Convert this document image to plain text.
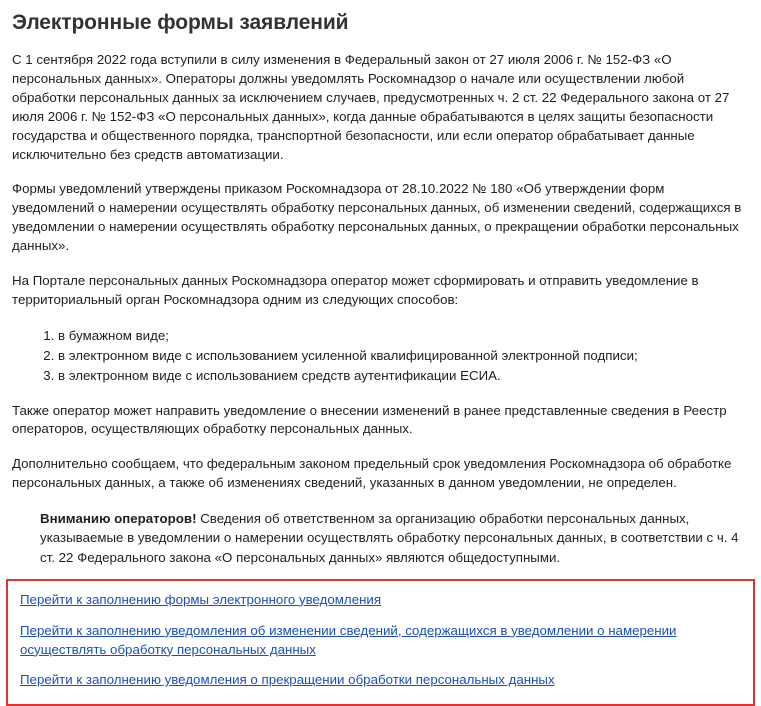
Электронные формы заявлений

С 1 сентября 2022 года вступили в силу изменения в Федеральный закон от 27 июля 2006 г. № 152-ФЗ «О персональных данных». Операторы должны уведомлять Роскомнадзор о начале или осуществлении любой обработки персональных данных за исключением случаев, предусмотренных ч. 2 ст. 22 Федерального закона от 27 июля 2006 г. № 152-ФЗ «О персональных данных», когда данные обрабатываются в целях защиты безопасности государства и общественного порядка, транспортной безопасности, или если оператор обрабатывает данные исключительно без средств автоматизации.

Формы уведомлений утверждены приказом Роскомнадзора от 28.10.2022 № 180 «Об утверждении форм уведомлений о намерении осуществлять обработку персональных данных, об изменении сведений, содержащихся в уведомлении о намерении осуществлять обработку персональных данных, о прекращении обработки персональных данных».

На Портале персональных данных Роскомнадзора оператор может сформировать и отправить уведомление в территориальный орган Роскомнадзора одним из следующих способов:

1. в бумажном виде;
2. в электронном виде с использованием усиленной квалифицированной электронной подписи;
3. в электронном виде с использованием средств аутентификации ЕСИА.

Также оператор может направить уведомление о внесении изменений в ранее представленные сведения в Реестр операторов, осуществляющих обработку персональных данных.

Дополнительно сообщаем, что федеральным законом предельный срок уведомления Роскомнадзора об обработке персональных данных, а также об изменениях сведений, указанных в данном уведомлении, не определен.

Вниманию операторов! Сведения об ответственном за организацию обработки персональных данных, указываемые в уведомлении о намерении осуществлять обработку персональных данных, в соответствии с ч. 4 ст. 22 Федерального закона «О персональных данных» являются общедоступными.
Перейти к заполнению формы электронного уведомления
Перейти к заполнению уведомления об изменении сведений, содержащихся в уведомлении о намерении осуществлять обработку персональных данных
Перейти к заполнению уведомления о прекращении обработки персональных данных
